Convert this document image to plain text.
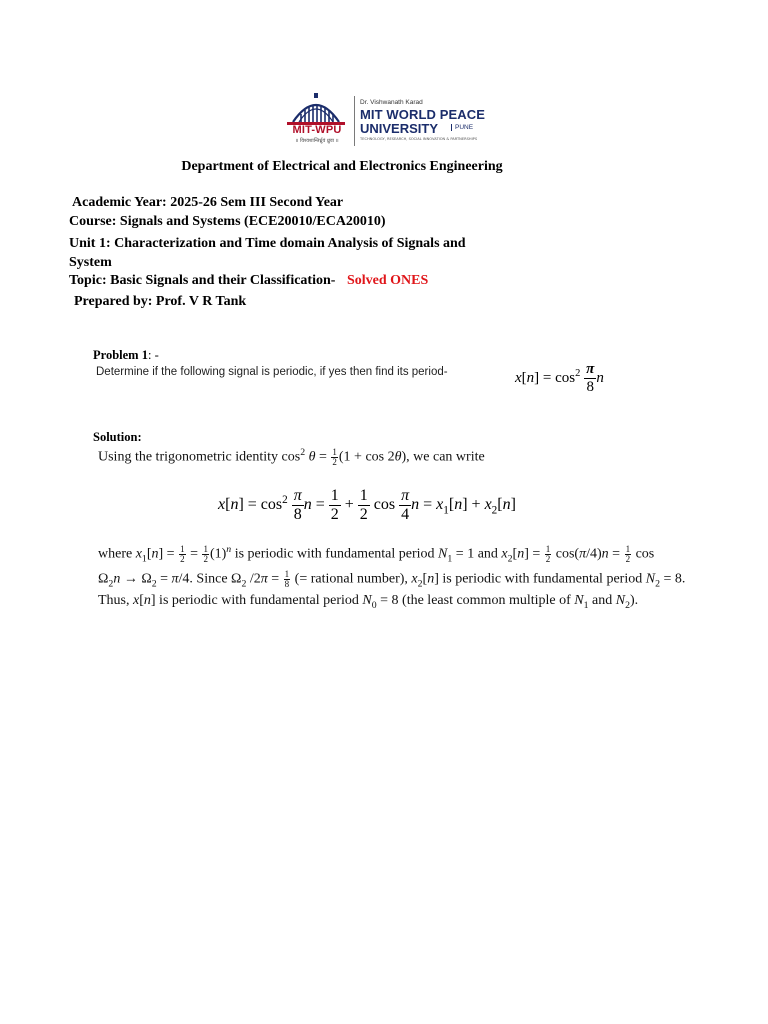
MIT-WPU
॥ विश्वशान्तिर्ध्रुवं ध्रुवा ॥
Dr. Vishwanath Karad
MIT WORLD PEACE
UNIVERSITY	PUNE
TECHNOLOGY, RESEARCH, SOCIAL INNOVATION & PARTNERSHIPS
Department of Electrical and Electronics Engineering
Academic Year: 2025-26 Sem III Second Year
Course: Signals and Systems (ECE20010/ECA20010)
Unit 1: Characterization and Time domain Analysis of Signals and
System
Topic: Basic Signals and their Classification- Solved ONES
Prepared by: Prof. V R Tank
Problem 1: -
Determine if the following signal is periodic, if yes then find its period-	$x[n] = \cos^2 \frac{\pi}{8}$ n
Solution:
Using the trigonometric identity $\cos^2 \theta = \frac{1}{2} (1 + \cos 2\theta)$, we can write
$x[n] = \cos^2 \frac{\pi}{8}$ $n = \frac{1}{2} + \frac{1}{2}$ $\cos \frac{\pi}{4}$ $n = x_1[n] + x_2[n]$
where $x_1[n] = \frac{1}{2} = \frac{1}{2} (1)^n$ is periodic with fundamental period $N_1 = 1$ and $x_2[n] = \frac{1}{2} \cos(\pi/4)n = \frac{1}{2}$ cos
$\Omega_2n \to \Omega_2 = \pi/4$. Since $\Omega_2$ $/2\pi = \frac{1}{8}$ (= rational number), $x_2[n]$ is periodic with fundamental period $N_2 = 8$.
Thus, x[n] is periodic with fundamental period $N_0 = 8$ (the least common multiple of $N_1$ and $N_2$).
